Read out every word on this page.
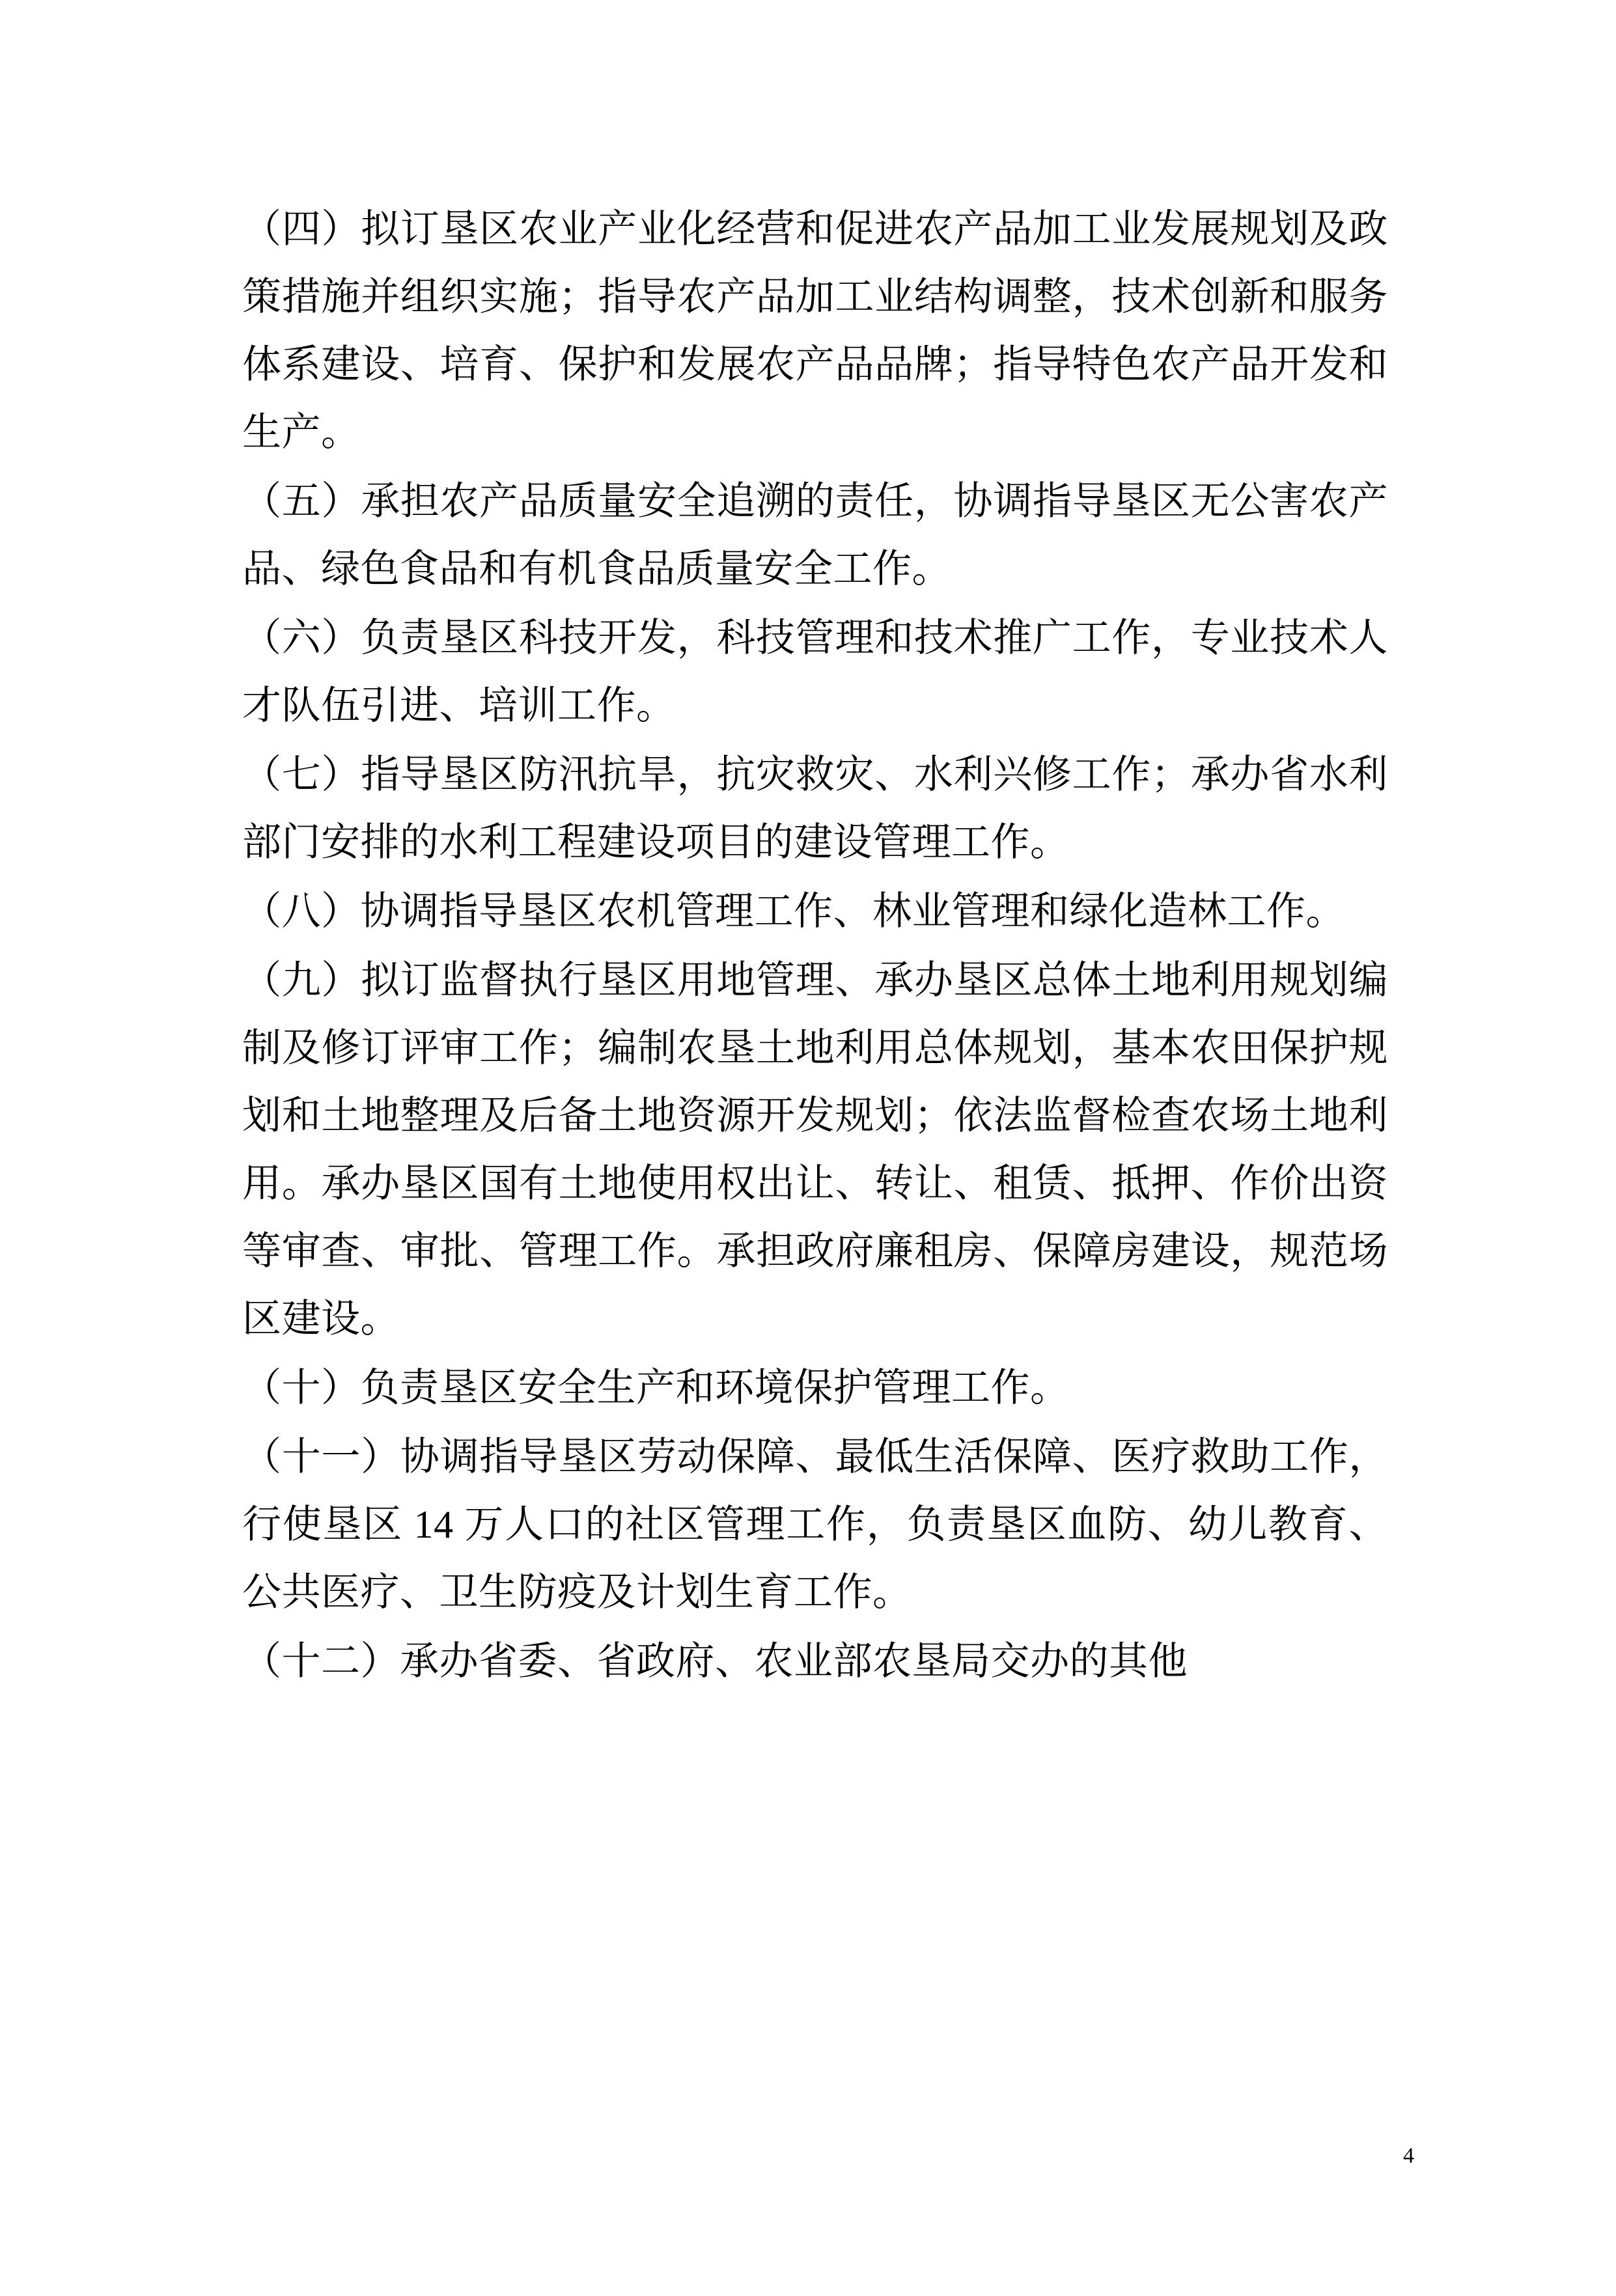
（四）拟订垦区农业产业化经营和促进农产品加工业发展规划及政策措施并组织实施；指导农产品加工业结构调整，技术创新和服务体系建设、培育、保护和发展农产品品牌；指导特色农产品开发和生产。

（五）承担农产品质量安全追溯的责任，协调指导垦区无公害农产品、绿色食品和有机食品质量安全工作。

（六）负责垦区科技开发，科技管理和技术推广工作，专业技术人才队伍引进、培训工作。

（七）指导垦区防汛抗旱，抗灾救灾、水利兴修工作；承办省水利部门安排的水利工程建设项目的建设管理工作。

（八）协调指导垦区农机管理工作、林业管理和绿化造林工作。

（九）拟订监督执行垦区用地管理、承办垦区总体土地利用规划编制及修订评审工作；编制农垦土地利用总体规划，基本农田保护规划和土地整理及后备土地资源开发规划；依法监督检查农场土地利用。承办垦区国有土地使用权出让、转让、租赁、抵押、作价出资等审查、审批、管理工作。承担政府廉租房、保障房建设，规范场区建设。

（十）负责垦区安全生产和环境保护管理工作。

（十一）协调指导垦区劳动保障、最低生活保障、医疗救助工作，行使垦区 14 万人口的社区管理工作，负责垦区血防、幼儿教育、公共医疗、卫生防疫及计划生育工作。

（十二）承办省委、省政府、农业部农垦局交办的其他

4
